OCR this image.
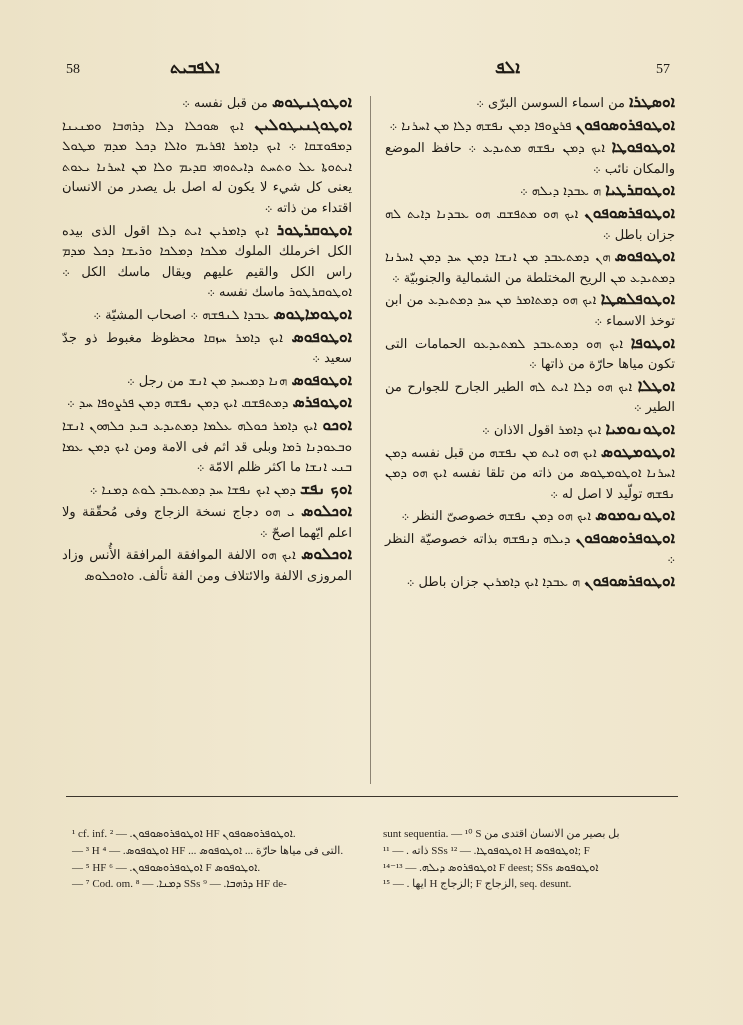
58	ܐܠܦܒܝܬ	ܐܠܦ	57

ܐܘܛܘܓܢܛܘܣ من قبل نفسه ܀

ܐܘܛܘܓܢܝܛܘܠܝܢ ܐܝܟ ܣܘܟܠܐ ܕܠܐ ܕܪܗܒܐ ܘܡܢܝܢܐ ܕܡܦܘܫܩܐ ܀ ܐܝܟ ܕܐܡܪ ܐܦܪܝܡ ܘܐܠܐ ܕܟܠ ܡܕܡ ܡܛܘܠ ܐܝܬܘܬܐ ܥܠ ܘܬܚܬ ܕܐܝܬܘܗܝ ܩܕܝܡ ܘܠܐ ܡܢ ܐܚܪܢܐ ܝܥܘܬ يعنى كل شيء لا يكون له اصل بل يصدر من الانسان اقتداء من ذاته ܀

ܐܘܛܘܩܪܛܘܪ ܐܝܟ ܕܐܡܪܝܢ ܐܝܬ ܕܠܐ اقول الذى بيده الكل اخرملك الملوك ܡܠܟܐ ܕܡܠܟܐ ܘܪܝܫܐ ܕܟܠ ܡܕܡ راس الكل والقيم عليهم ويقال ماسك الكل ܀ ܐܘܛܘܩܪܛܘܪ ماسك نفسه ܀

ܐܘܛܘܡܐܛܘܣ ܥܒܕܐ ܠܢܦܫܗ ܀ اصحاب المشيّة ܀

ܐܘܛܘܦܘܣ ܐܝܟ ܕܐܡܪ ܚܙܩܐ محظوظ مغبوط ذو جدّ سعيد ܀

ܐܘܛܘܦܘܣ ܗܢܐ ܕܡܝܚܕ ܡܢ ܐܢܫ من رجل ܀

ܐܘܛܘܦܪܣ ܕܡܬܦܫܩ ܐܝܟ ܕܡܢ ܢܦܫܗ ܕܡܢ ܦܪܨܘܦܐ ܚܕ ܀

ܐܘܟܘ ܐܝܟ ܕܐܡܪ ܟܘܠܗ ܥܠܡܐ ܕܡܬܝܕܥ ܒܝܕ ܟܠܗܘܢ ܐܢܫܐ ܘܒܥܘܕܢܐ ܪܡܐ وبلى قد اثم فى الامة ومن ܐܝܟ ܕܡܢ ܥܡܐ ܒܢܝ ܐܢܫܐ ما اكثر ظلم الامّة ܀

ܐܘܟ ܢܦܫ ܕܡܢ ܐܝܟ ܢܦܫܐ ܚܕ ܕܡܬܥܒܕ ܠܘܬ ܕܡܢܐ ܀

ܐܘܟܠܘܣ ܝ ܗܘ دجاج نسخة الزجاج وفى مُحقّقة ولا اعلم ايّهما اصحّ ܀

ܐܘܟܠܘܣ ܐܝܟ ܗܘ الالفة الموافقة المرافقة الأُنس وزاد المروزى الالفة والائتلاف ومن الفة تألف. ܘܐܘܟܠܘܣ

ܐܘܣܛܪܐ من اسماء السوسن البرّى ܀

ܐܘܛܘܦܪܘܣܘܦܘܢ ܦܪܨܘܦܐ ܕܡܢ ܢܦܫܗ ܕܠܐ ܡܢ ܐܚܪܢܐ ܀

ܐܘܛܘܦܘܛܐ ܐܝܟ ܕܡܢ ܢܦܫܗ ܡܬܝܕܥ ܀ حافظ الموضع والمكان نائب ܀

ܐܘܛܘܩܪܛܝܐ ܗ ܥܒܕܐ ܕܝܠܗ ܀

ܐܘܛܘܦܪܣܘܦܘܢ ܐܝܟ ܗܘ ܡܬܦܫܩ ܗܘ ܥܒܕܢܐ ܕܐܝܬ ܠܗ جزان باطل ܀

ܐܘܛܘܦܘܣ ܗܢ ܕܡܬܥܒܕ ܡܢ ܐܢܫܐ ܕܡܢ ܚܕ ܕܡܢ ܐܚܪܢܐ ܕܡܬܝܕܥ ܡܢ الريح المختلطة من الشمالية والجنوبيّة ܀

ܐܘܛܘܦܠܣܛܐ ܐܝܟ ܗܘ ܕܡܬܐܡܪ ܡܢ ܚܕ ܕܡܬܝܕܥ من ابن توخذ الاسماء ܀

ܐܘܛܘܦܐ ܐܝܟ ܗܘ ܕܡܬܥܒܕ ܠܡܬܝܕܥܘ الحمامات التى تكون مياها حارّة من ذاتها ܀

ܐܘܛܠܐ ܐܝܟ ܗܘ ܕܠܐ ܐܝܬ ܠܗ الطير الجارح للجوارح من الطير ܀

ܐܘܛܘܢܘܡܝܐ ܐܝܟ ܕܐܡܪ اقول الاذان ܀

ܐܘܛܘܡܛܘܣ ܐܝܟ ܗܘ ܐܝܬ ܡܢ ܢܦܫܗ من قبل نفسه ܕܡܢ ܐܚܪܢܐ ܐܘܛܘܡܛܘܣ من ذاته من تلقا نفسه ܐܝܟ ܗܘ ܕܡܢ ܢܦܫܗ تولّيد لا اصل له ܀

ܐܘܛܘܢܘܡܘܣ ܐܝܟ ܗܘ ܕܡܢ ܢܦܫܗ خصوصىّ النظر ܀

ܐܘܛܘܦܪܘܣܘܦܘܢ ܕܝܠܗ ܕܢܦܫܗ بذاته خصوصيّة النظر ܀

ܐܘܛܘܦܪܣܘܦܘܢ ܗ ܥܒܕܐ ܐܝܟ ܕܐܡܪܝܢ جزان باطل ܀

¹ cf. inf. ܐܘܛܘܦܪܘܣܘܦܘܢ. — ² HF ܐܘܛܘܦܪܘܣܘܦܘܢ.

— ³ H ܐܘܛܘܦܘܣ. — ⁴ HF ... التى فى مياها حارّة ... ܐܘܛܘܦܘܣ.

— ⁵ HF ܐܘܛܘܦܪܘܣܘܦܘܢ. — ⁶ F ܐܘܛܘܦܘܣ.

— ⁷ Cod. om. ܕܡܢܐ. — ⁸ SSs ܕܪܗܒܐ. — ⁹ HF de-

sunt sequentia. — ¹⁰ S بل بصير من الانسان اقتدى من

ذاته . — ¹¹ SSs ܐܘܛܘܦܘܛܐ. — ¹² H ܐܘܛܘܦܘܣ; F

ܐܘܛܘܦܪܘܣ ܕܝܠܗ. — ¹³⁻¹⁴ F deest; SSs ܐܘܛܘܦܘܣ

ايها . — ¹⁵ H الزجاج; F الزجاج, seq. desunt.
